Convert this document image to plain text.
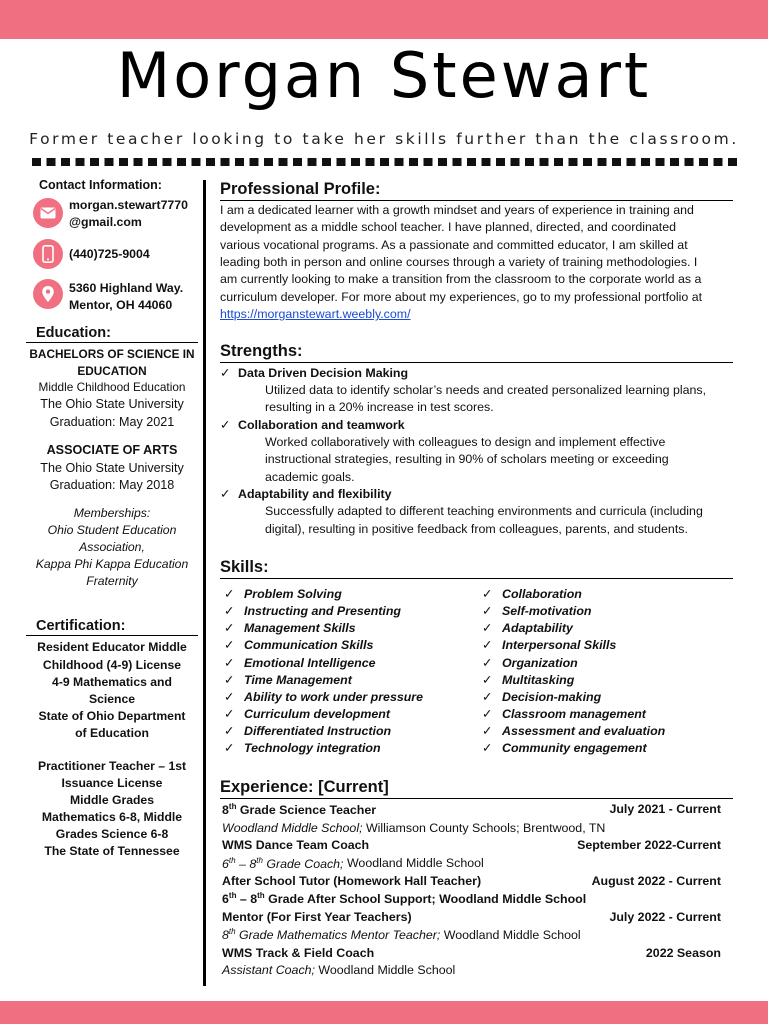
Morgan Stewart
Former teacher looking to take her skills further than the classroom.
Contact Information:
morgan.stewart7770
@gmail.com
(440)725-9004
5360 Highland Way.
Mentor, OH 44060
Education:
BACHELORS OF SCIENCE IN
EDUCATION
Middle Childhood Education
The Ohio State University
Graduation: May 2021
ASSOCIATE OF ARTS
The Ohio State University
Graduation: May 2018
Memberships:
Ohio Student Education
Association,
Kappa Phi Kappa Education
Fraternity
Certification:
Resident Educator Middle
Childhood (4-9) License
4-9 Mathematics and
Science
State of Ohio Department
of Education
Practitioner Teacher – 1st
Issuance License
Middle Grades
Mathematics 6-8, Middle
Grades Science 6-8
The State of Tennessee
Professional Profile:
I am a dedicated learner with a growth mindset and years of experience in training and
development as a middle school teacher. I have planned, directed, and coordinated
various vocational programs. As a passionate and committed educator, I am skilled at
leading both in person and online courses through a variety of training methodologies. I
am currently looking to make a transition from the classroom to the corporate world as a
curriculum developer. For more about my experiences, go to my professional portfolio at
https://morganstewart.weebly.com/
Strengths:
✓ Data Driven Decision Making
Utilized data to identify scholar’s needs and created personalized learning plans,
resulting in a 20% increase in test scores.
✓ Collaboration and teamwork
Worked collaboratively with colleagues to design and implement effective
instructional strategies, resulting in 90% of scholars meeting or exceeding
academic goals.
✓ Adaptability and flexibility
Successfully adapted to different teaching environments and curricula (including
digital), resulting in positive feedback from colleagues, parents, and students.
Skills:
✓ Problem Solving
✓ Instructing and Presenting
✓ Management Skills
✓ Communication Skills
✓ Emotional Intelligence
✓ Time Management
✓ Ability to work under pressure
✓ Curriculum development
✓ Differentiated Instruction
✓ Technology integration
✓ Collaboration
✓ Self-motivation
✓ Adaptability
✓ Interpersonal Skills
✓ Organization
✓ Multitasking
✓ Decision-making
✓ Classroom management
✓ Assessment and evaluation
✓ Community engagement
Experience: [Current]
8th Grade Science Teacher	July 2021 - Current
Woodland Middle School; Williamson County Schools; Brentwood, TN
WMS Dance Team Coach	September 2022-Current
6th – 8th Grade Coach; Woodland Middle School
After School Tutor (Homework Hall Teacher)	August 2022 - Current
6th – 8th Grade After School Support; Woodland Middle School
Mentor (For First Year Teachers)	July 2022 - Current
8th Grade Mathematics Mentor Teacher; Woodland Middle School
WMS Track & Field Coach	2022 Season
Assistant Coach; Woodland Middle School
